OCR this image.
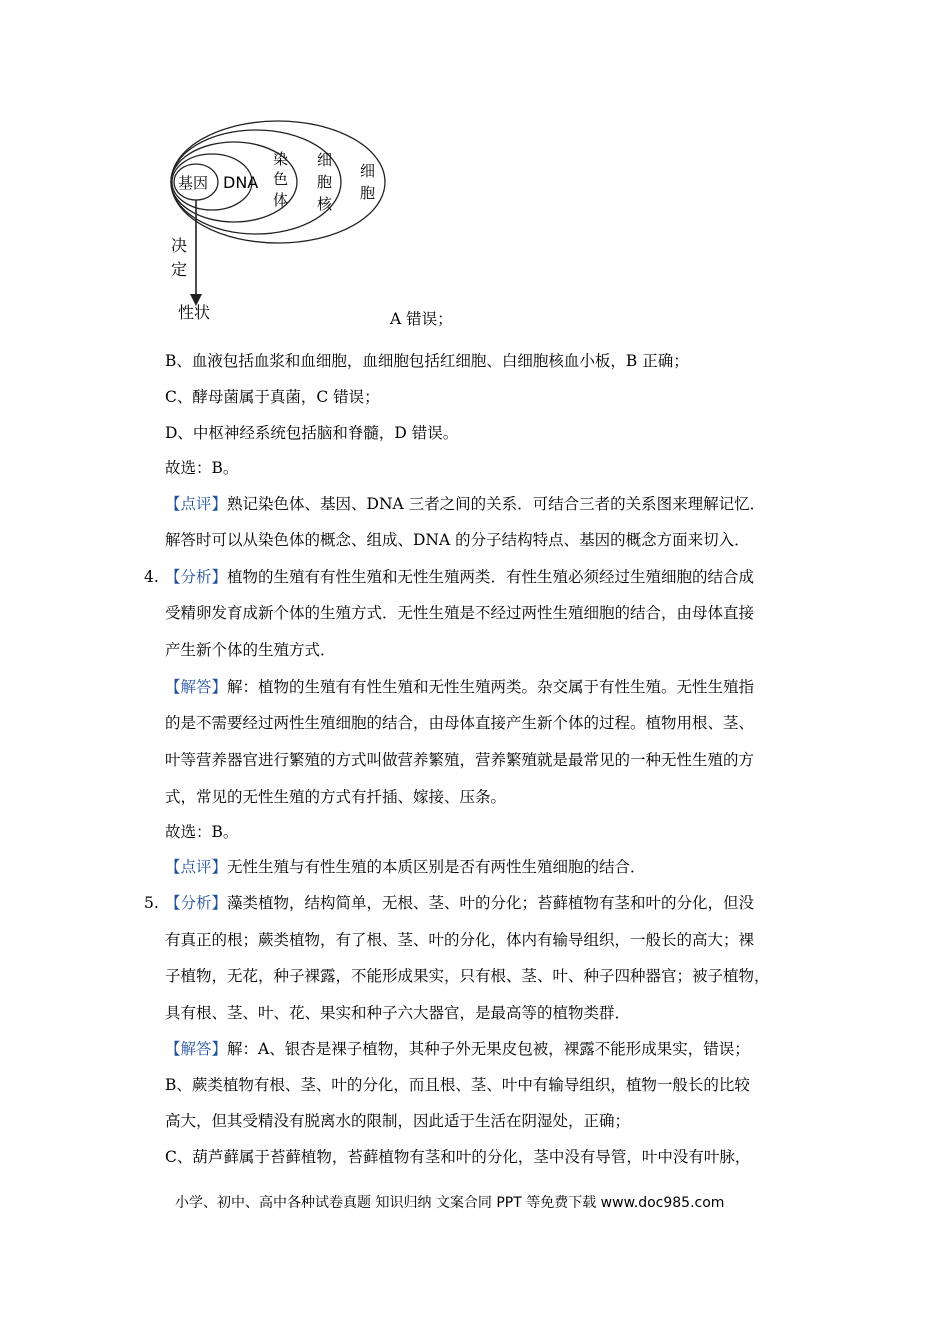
基因 DNA
染
色
体
细
胞
核
细
胞
决
定
性状	A 错误；
B、血液包括血浆和血细胞，血细胞包括红细胞、白细胞核血小板，B 正确；
C、酵母菌属于真菌，C 错误；
D、中枢神经系统包括脑和脊髓，D 错误。
故选：B。
【点评】熟记染色体、基因、DNA 三者之间的关系．可结合三者的关系图来理解记忆．
解答时可以从染色体的概念、组成、DNA 的分子结构特点、基因的概念方面来切入．
4. 【分析】植物的生殖有有性生殖和无性生殖两类．有性生殖必须经过生殖细胞的结合成
受精卵发育成新个体的生殖方式．无性生殖是不经过两性生殖细胞的结合，由母体直接
产生新个体的生殖方式．
【解答】解：植物的生殖有有性生殖和无性生殖两类。杂交属于有性生殖。无性生殖指
的是不需要经过两性生殖细胞的结合，由母体直接产生新个体的过程。植物用根、茎、
叶等营养器官进行繁殖的方式叫做营养繁殖，营养繁殖就是最常见的一种无性生殖的方
式，常见的无性生殖的方式有扦插、嫁接、压条。
故选：B。
【点评】无性生殖与有性生殖的本质区别是否有两性生殖细胞的结合．
5. 【分析】藻类植物，结构简单，无根、茎、叶的分化；苔藓植物有茎和叶的分化，但没
有真正的根；蕨类植物，有了根、茎、叶的分化，体内有输导组织，一般长的高大；裸
子植物，无花，种子裸露，不能形成果实，只有根、茎、叶、种子四种器官；被子植物，
具有根、茎、叶、花、果实和种子六大器官，是最高等的植物类群．
【解答】解：A、银杏是裸子植物，其种子外无果皮包被，裸露不能形成果实，错误；
B、蕨类植物有根、茎、叶的分化，而且根、茎、叶中有输导组织，植物一般长的比较
高大，但其受精没有脱离水的限制，因此适于生活在阴湿处，正确；
C、葫芦藓属于苔藓植物，苔藓植物有茎和叶的分化，茎中没有导管，叶中没有叶脉，
小学、初中、高中各种试卷真题 知识归纳 文案合同 PPT 等免费下载 www.doc985.com
